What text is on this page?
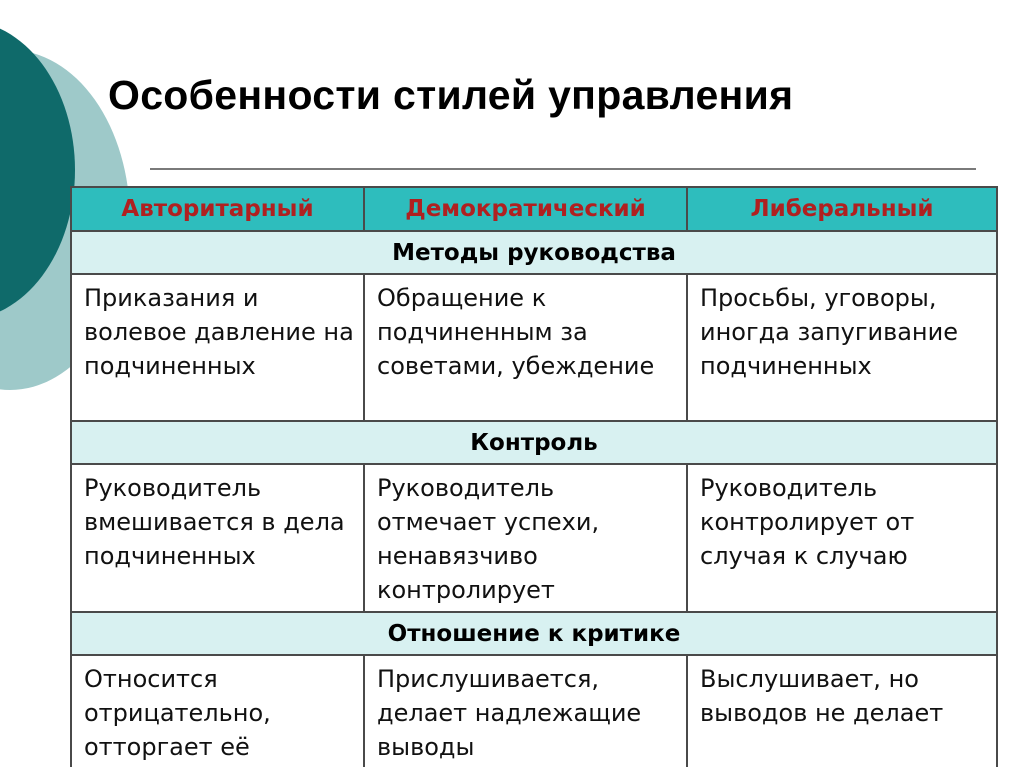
Особенности стилей управления
Авторитарный	Демократический	Либеральный
Методы руководства		
Приказания и волевое давление на подчиненных	Обращение к подчиненным за советами, убеждение	Просьбы, уговоры, иногда запугивание подчиненных
Контроль		
Руководитель вмешивается в дела подчиненных	Руководитель отмечает успехи, ненавязчиво контролирует	Руководитель контролирует от случая к случаю
Отношение к критике		
Относится отрицательно, отторгает её	Прислушивается, делает надлежащие выводы	Выслушивает, но выводов не делает
